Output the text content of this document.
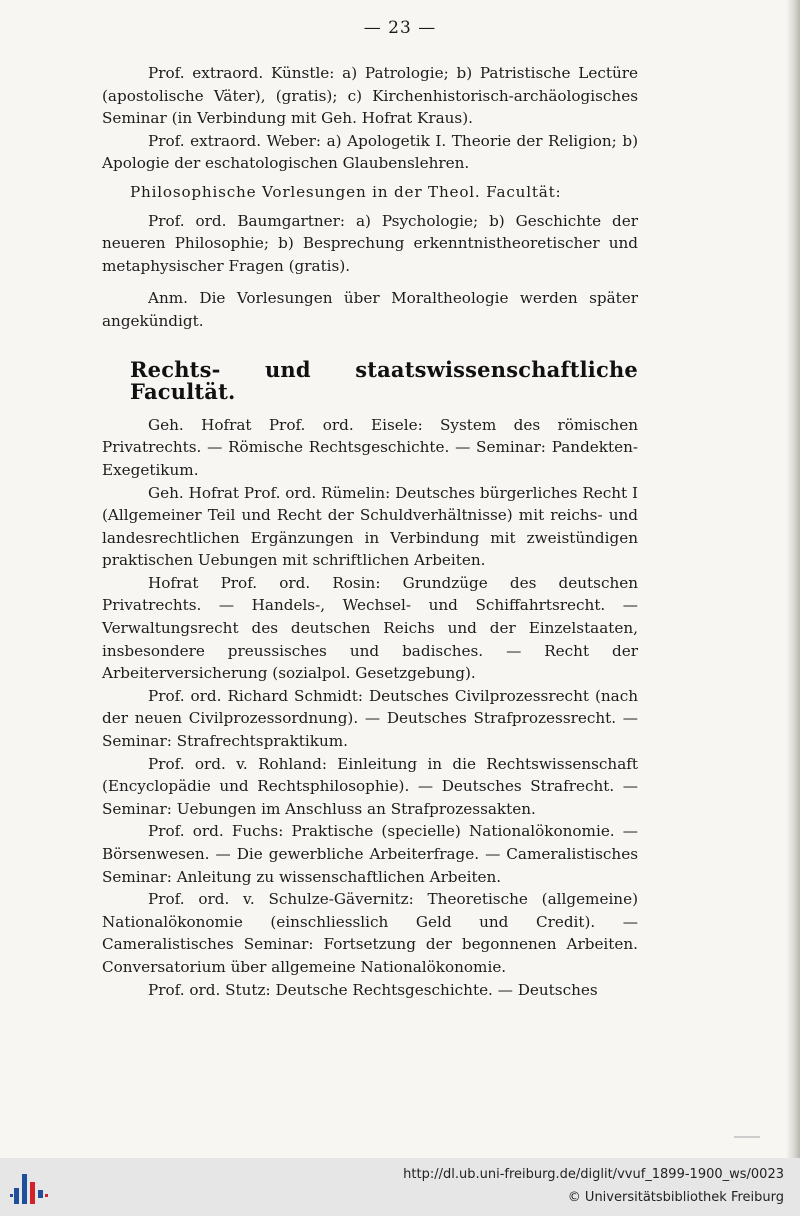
— 23 —

Prof. extraord. Künstle: a) Patrologie; b) Patristische Lectüre (apostolische Väter), (gratis); c) Kirchenhistorisch-archäologisches Seminar (in Verbindung mit Geh. Hofrat Kraus).

Prof. extraord. Weber: a) Apologetik I. Theorie der Religion; b) Apologie der eschatologischen Glaubenslehren.

Philosophische Vorlesungen in der Theol. Facultät:

Prof. ord. Baumgartner: a) Psychologie; b) Geschichte der neueren Philosophie; b) Besprechung erkenntnistheoretischer und metaphysischer Fragen (gratis).

Anm. Die Vorlesungen über Moraltheologie werden später angekündigt.

Rechts- und staatswissenschaftliche Facultät.

Geh. Hofrat Prof. ord. Eisele: System des römischen Privatrechts. — Römische Rechtsgeschichte. — Seminar: Pandekten-Exegetikum.

Geh. Hofrat Prof. ord. Rümelin: Deutsches bürgerliches Recht I (Allgemeiner Teil und Recht der Schuldverhältnisse) mit reichs- und landesrechtlichen Ergänzungen in Verbindung mit zweistündigen praktischen Uebungen mit schriftlichen Arbeiten.

Hofrat Prof. ord. Rosin: Grundzüge des deutschen Privatrechts. — Handels-, Wechsel- und Schiffahrtsrecht. — Verwaltungsrecht des deutschen Reichs und der Einzelstaaten, insbesondere preussisches und badisches. — Recht der Arbeiterversicherung (sozialpol. Gesetzgebung).

Prof. ord. Richard Schmidt: Deutsches Civilprozessrecht (nach der neuen Civilprozessordnung). — Deutsches Strafprozessrecht. — Seminar: Strafrechtspraktikum.

Prof. ord. v. Rohland: Einleitung in die Rechtswissenschaft (Encyclopädie und Rechtsphilosophie). — Deutsches Strafrecht. — Seminar: Uebungen im Anschluss an Strafprozessakten.

Prof. ord. Fuchs: Praktische (specielle) Nationalökonomie. — Börsenwesen. — Die gewerbliche Arbeiterfrage. — Cameralistisches Seminar: Anleitung zu wissenschaftlichen Arbeiten.

Prof. ord. v. Schulze-Gävernitz: Theoretische (allgemeine) Nationalökonomie (einschliesslich Geld und Credit). — Cameralistisches Seminar: Fortsetzung der begonnenen Arbeiten. Conversatorium über allgemeine Nationalökonomie.

Prof. ord. Stutz: Deutsche Rechtsgeschichte. — Deutsches

http://dl.ub.uni-freiburg.de/diglit/vvuf_1899-1900_ws/0023
© Universitätsbibliothek Freiburg
